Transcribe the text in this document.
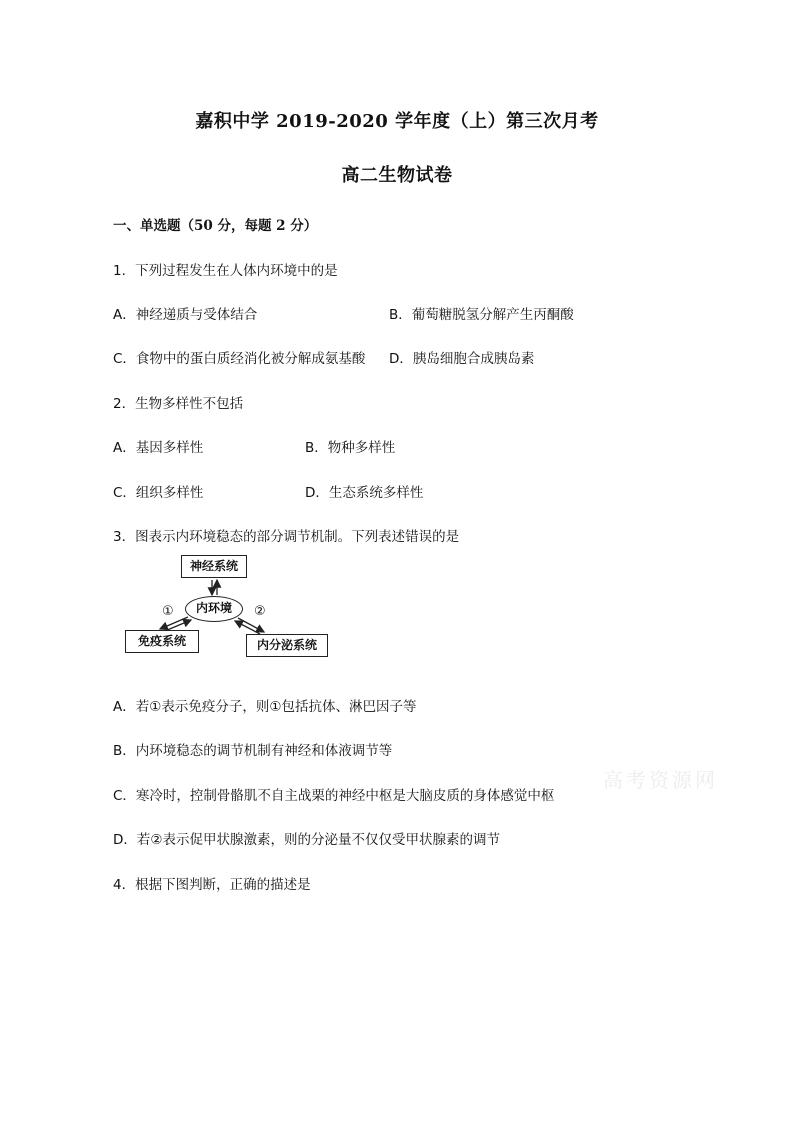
嘉积中学 2019-2020 学年度（上）第三次月考
高二生物试卷
一、单选题（50 分，每题 2 分）
1．下列过程发生在人体内环境中的是
A．神经递质与受体结合	B．葡萄糖脱氢分解产生丙酮酸
C．食物中的蛋白质经消化被分解成氨基酸 D．胰岛细胞合成胰岛素
2．生物多样性不包括
A．基因多样性	B．物种多样性
C．组织多样性	D．生态系统多样性
3．图表示内环境稳态的部分调节机制。下列表述错误的是
神经系统
内环境
免疫系统	内分泌系统
①	②
A．若①表示免疫分子，则①包括抗体、淋巴因子等
B．内环境稳态的调节机制有神经和体液调节等
C．寒冷时，控制骨骼肌不自主战栗的神经中枢是大脑皮质的身体感觉中枢
D．若②表示促甲状腺激素，则的分泌量不仅仅受甲状腺素的调节
4．根据下图判断，正确的描述是
高考资源网
